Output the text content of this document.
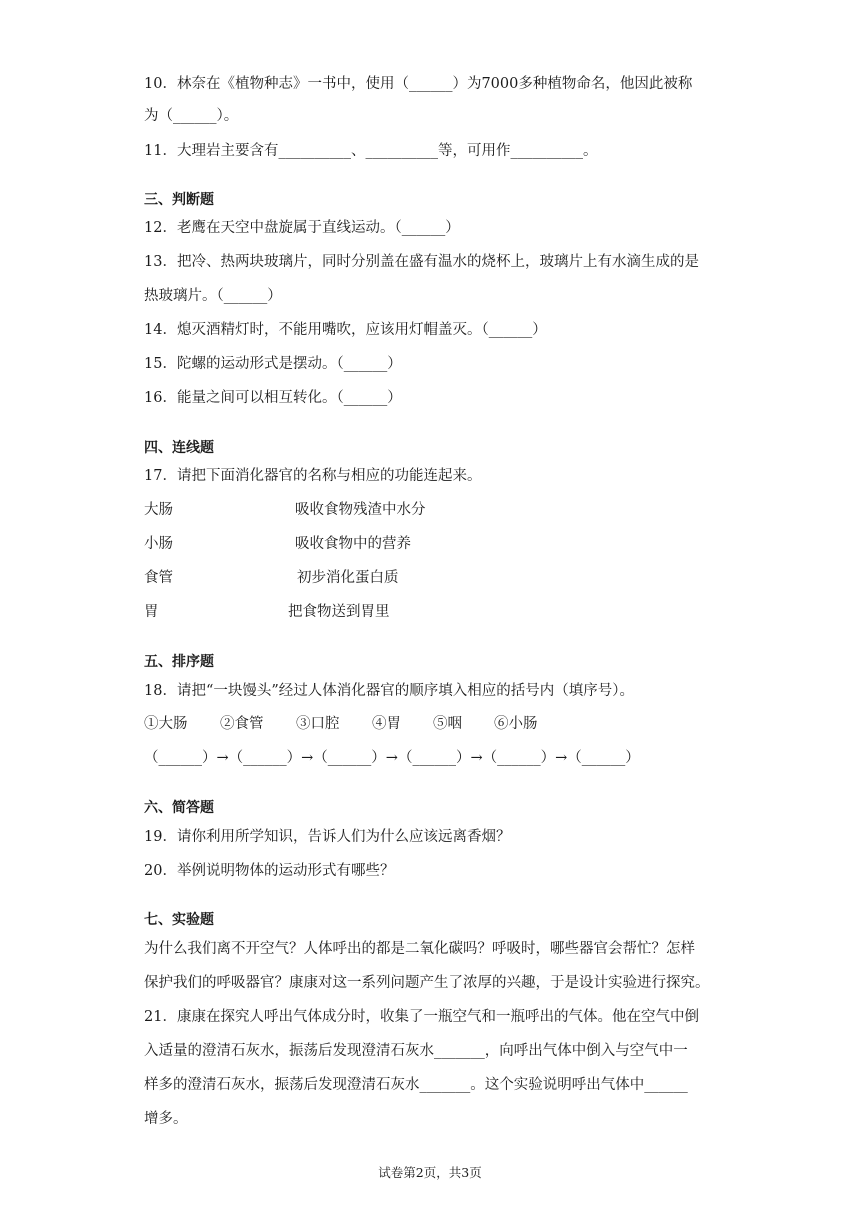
10．林奈在《植物种志》一书中，使用（______）为7000多种植物命名，他因此被称
为（______）。
11．大理岩主要含有__________、__________等，可用作__________。
三、判断题
12．老鹰在天空中盘旋属于直线运动。（______）
13．把冷、热两块玻璃片，同时分别盖在盛有温水的烧杯上，玻璃片上有水滴生成的是
热玻璃片。（______）
14．熄灭酒精灯时，不能用嘴吹，应该用灯帽盖灭。（______）
15．陀螺的运动形式是摆动。（______）
16．能量之间可以相互转化。（______）
四、连线题
17．请把下面消化器官的名称与相应的功能连起来。
大肠	吸收食物残渣中水分
小肠	吸收食物中的营养
食管	初步消化蛋白质
胃	把食物送到胃里
五、排序题
18．请把“一块馒头”经过人体消化器官的顺序填入相应的括号内（填序号）。
①大肠 ②食管 ③口腔 ④胃 ⑤咽 ⑥小肠
（______）→（______）→（______）→（______）→（______）→（______）
六、简答题
19．请你利用所学知识，告诉人们为什么应该远离香烟？
20．举例说明物体的运动形式有哪些？
七、实验题
为什么我们离不开空气？人体呼出的都是二氧化碳吗？呼吸时，哪些器官会帮忙？怎样
保护我们的呼吸器官？康康对这一系列问题产生了浓厚的兴趣，于是设计实验进行探究。
21．康康在探究人呼出气体成分时，收集了一瓶空气和一瓶呼出的气体。他在空气中倒
入适量的澄清石灰水，振荡后发现澄清石灰水_______，向呼出气体中倒入与空气中一
样多的澄清石灰水，振荡后发现澄清石灰水_______。这个实验说明呼出气体中______
增多。
试卷第2页，共3页
